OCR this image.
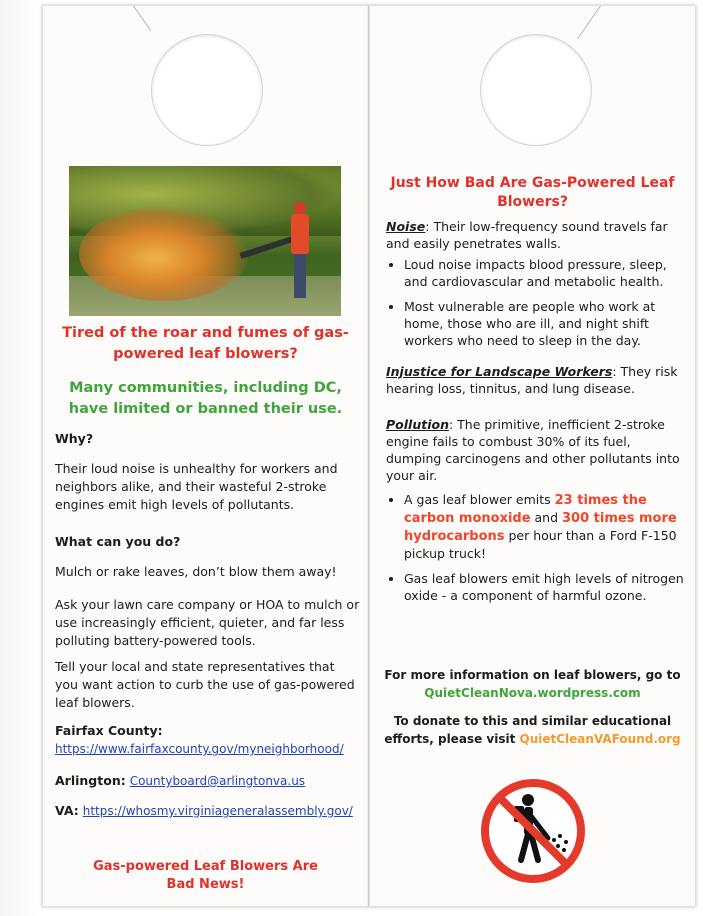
Tired of the roar and fumes of gas-powered leaf blowers?
Many communities, including DC, have limited or banned their use.
Why?
Their loud noise is unhealthy for workers and neighbors alike, and their wasteful 2-stroke engines emit high levels of pollutants.
What can you do?
Mulch or rake leaves, don’t blow them away!
Ask your lawn care company or HOA to mulch or use increasingly efficient, quieter, and far less polluting battery-powered tools.
Tell your local and state representatives that you want action to curb the use of gas-powered leaf blowers.
Fairfax County:
https://www.fairfaxcounty.gov/myneighborhood/
Arlington: Countyboard@arlingtonva.us
VA: https://whosmy.virginiageneralassembly.gov/
Gas-powered Leaf Blowers Are Bad News!
Just How Bad Are Gas-Powered Leaf Blowers?
Noise: Their low-frequency sound travels far and easily penetrates walls.
• Loud noise impacts blood pressure, sleep, and cardiovascular and metabolic health.
• Most vulnerable are people who work at home, those who are ill, and night shift workers who need to sleep in the day.
Injustice for Landscape Workers: They risk hearing loss, tinnitus, and lung disease.
Pollution: The primitive, inefficient 2-stroke engine fails to combust 30% of its fuel, dumping carcinogens and other pollutants into your air.
• A gas leaf blower emits 23 times the carbon monoxide and 300 times more hydrocarbons per hour than a Ford F-150 pickup truck!
• Gas leaf blowers emit high levels of nitrogen oxide - a component of harmful ozone.
For more information on leaf blowers, go to
QuietCleanNova.wordpress.com
To donate to this and similar educational efforts, please visit QuietCleanVAFound.org
